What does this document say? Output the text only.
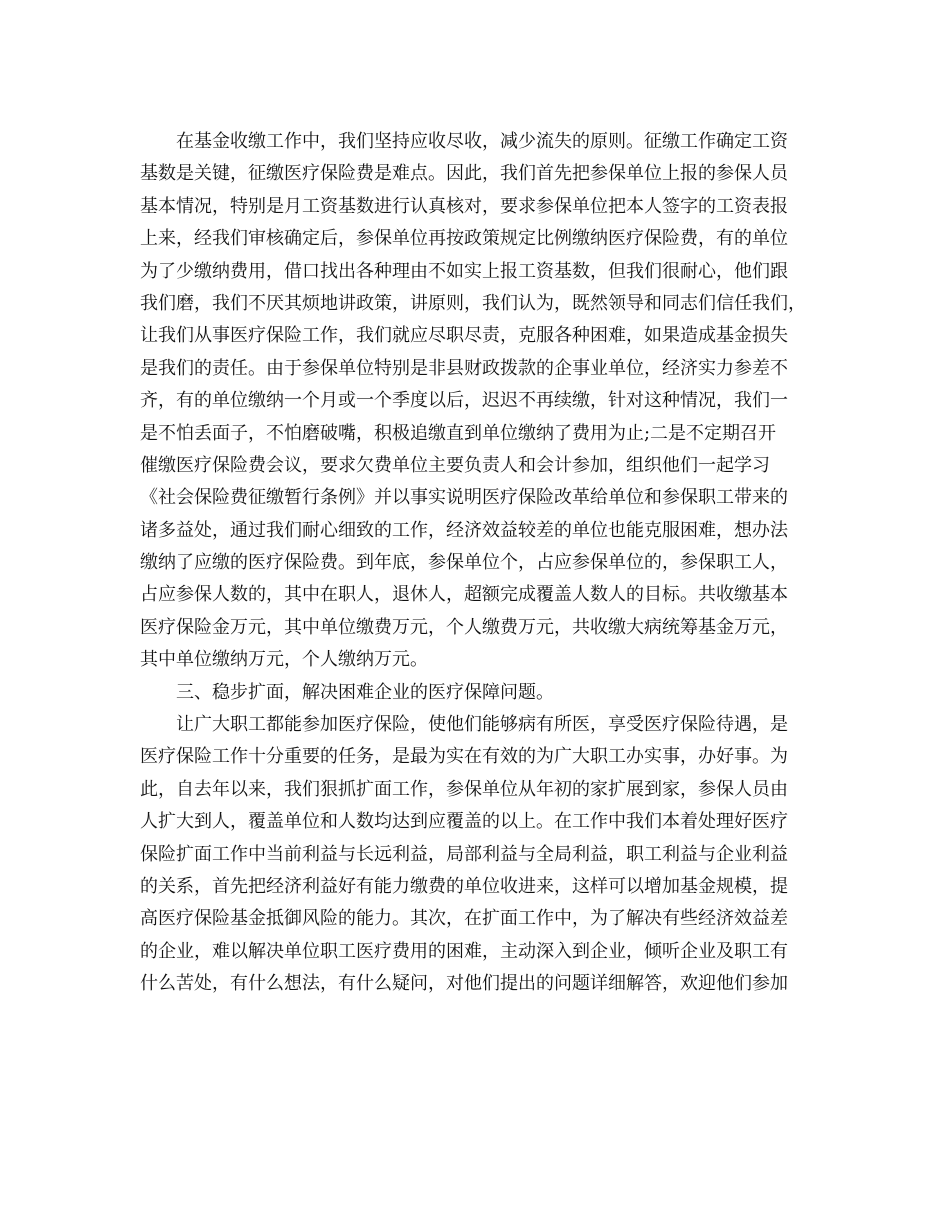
在基金收缴工作中，我们坚持应收尽收，减少流失的原则。征缴工作确定工资
基数是关键，征缴医疗保险费是难点。因此，我们首先把参保单位上报的参保人员
基本情况，特别是月工资基数进行认真核对，要求参保单位把本人签字的工资表报
上来，经我们审核确定后，参保单位再按政策规定比例缴纳医疗保险费，有的单位
为了少缴纳费用，借口找出各种理由不如实上报工资基数，但我们很耐心，他们跟
我们磨，我们不厌其烦地讲政策，讲原则，我们认为，既然领导和同志们信任我们，
让我们从事医疗保险工作，我们就应尽职尽责，克服各种困难，如果造成基金损失
是我们的责任。由于参保单位特别是非县财政拨款的企事业单位，经济实力参差不
齐，有的单位缴纳一个月或一个季度以后，迟迟不再续缴，针对这种情况，我们一
是不怕丢面子，不怕磨破嘴，积极追缴直到单位缴纳了费用为止;二是不定期召开
催缴医疗保险费会议，要求欠费单位主要负责人和会计参加，组织他们一起学习
《社会保险费征缴暂行条例》并以事实说明医疗保险改革给单位和参保职工带来的
诸多益处，通过我们耐心细致的工作，经济效益较差的单位也能克服困难，想办法
缴纳了应缴的医疗保险费。到年底，参保单位个，占应参保单位的，参保职工人，
占应参保人数的，其中在职人，退休人，超额完成覆盖人数人的目标。共收缴基本
医疗保险金万元，其中单位缴费万元，个人缴费万元，共收缴大病统筹基金万元，
其中单位缴纳万元，个人缴纳万元。
三、稳步扩面，解决困难企业的医疗保障问题。
让广大职工都能参加医疗保险，使他们能够病有所医，享受医疗保险待遇，是
医疗保险工作十分重要的任务，是最为实在有效的为广大职工办实事，办好事。为
此，自去年以来，我们狠抓扩面工作，参保单位从年初的家扩展到家，参保人员由
人扩大到人，覆盖单位和人数均达到应覆盖的以上。在工作中我们本着处理好医疗
保险扩面工作中当前利益与长远利益，局部利益与全局利益，职工利益与企业利益
的关系，首先把经济利益好有能力缴费的单位收进来，这样可以增加基金规模，提
高医疗保险基金抵御风险的能力。其次，在扩面工作中，为了解决有些经济效益差
的企业，难以解决单位职工医疗费用的困难，主动深入到企业，倾听企业及职工有
什么苦处，有什么想法，有什么疑问，对他们提出的问题详细解答，欢迎他们参加
